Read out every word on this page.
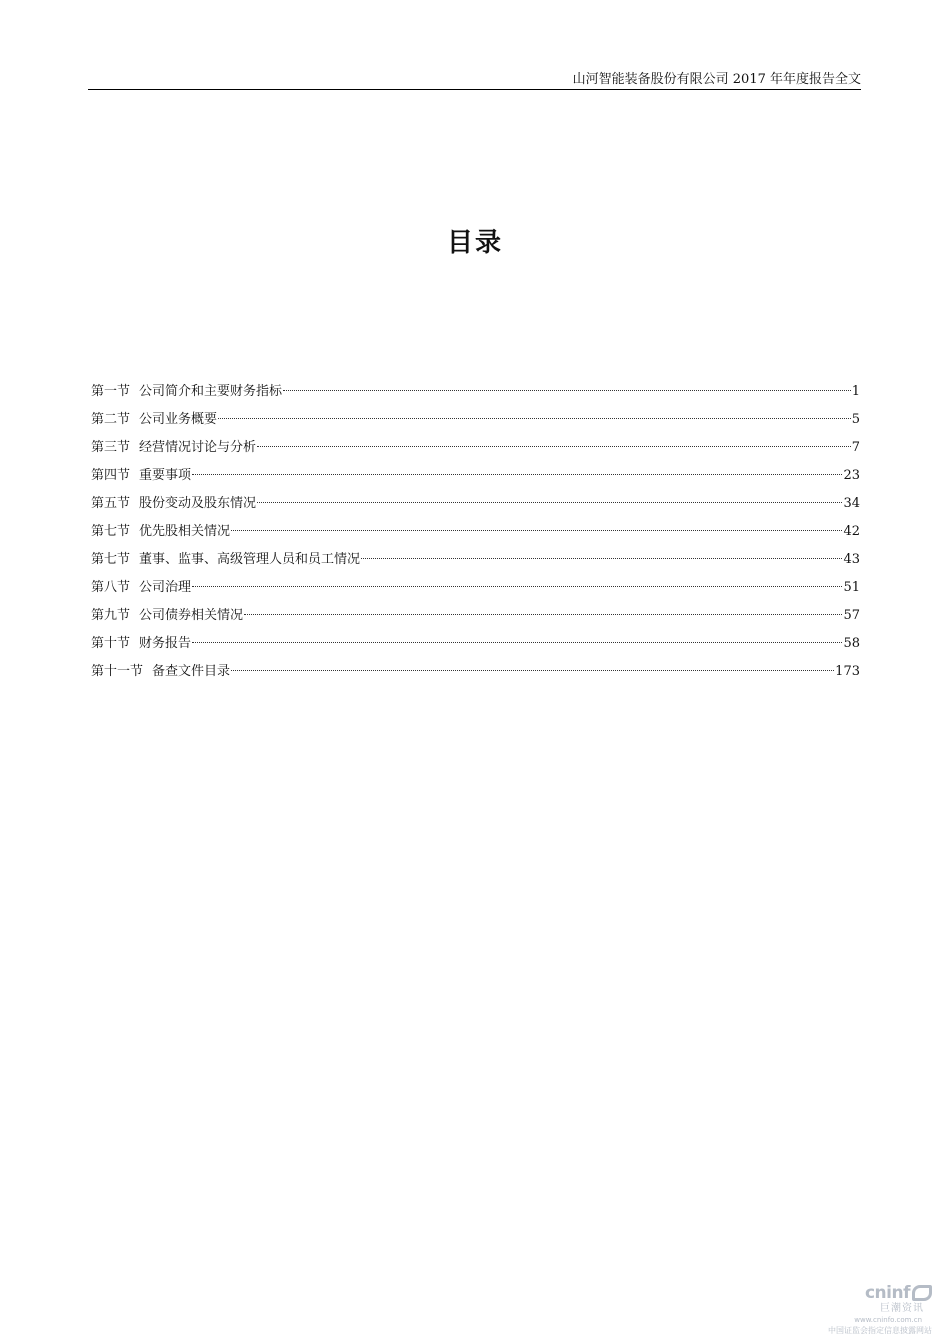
山河智能装备股份有限公司 2017 年年度报告全文
目录
第一节 公司简介和主要财务指标	1
第二节 公司业务概要	5
第三节 经营情况讨论与分析	7
第四节 重要事项	23
第五节 股份变动及股东情况	34
第七节 优先股相关情况	42
第七节 董事、监事、高级管理人员和员工情况	43
第八节 公司治理	51
第九节 公司债券相关情况	57
第十节 财务报告	58
第十一节 备查文件目录	173
cninf
巨潮资讯
www.cninfo.com.cn
中国证监会指定信息披露网站
